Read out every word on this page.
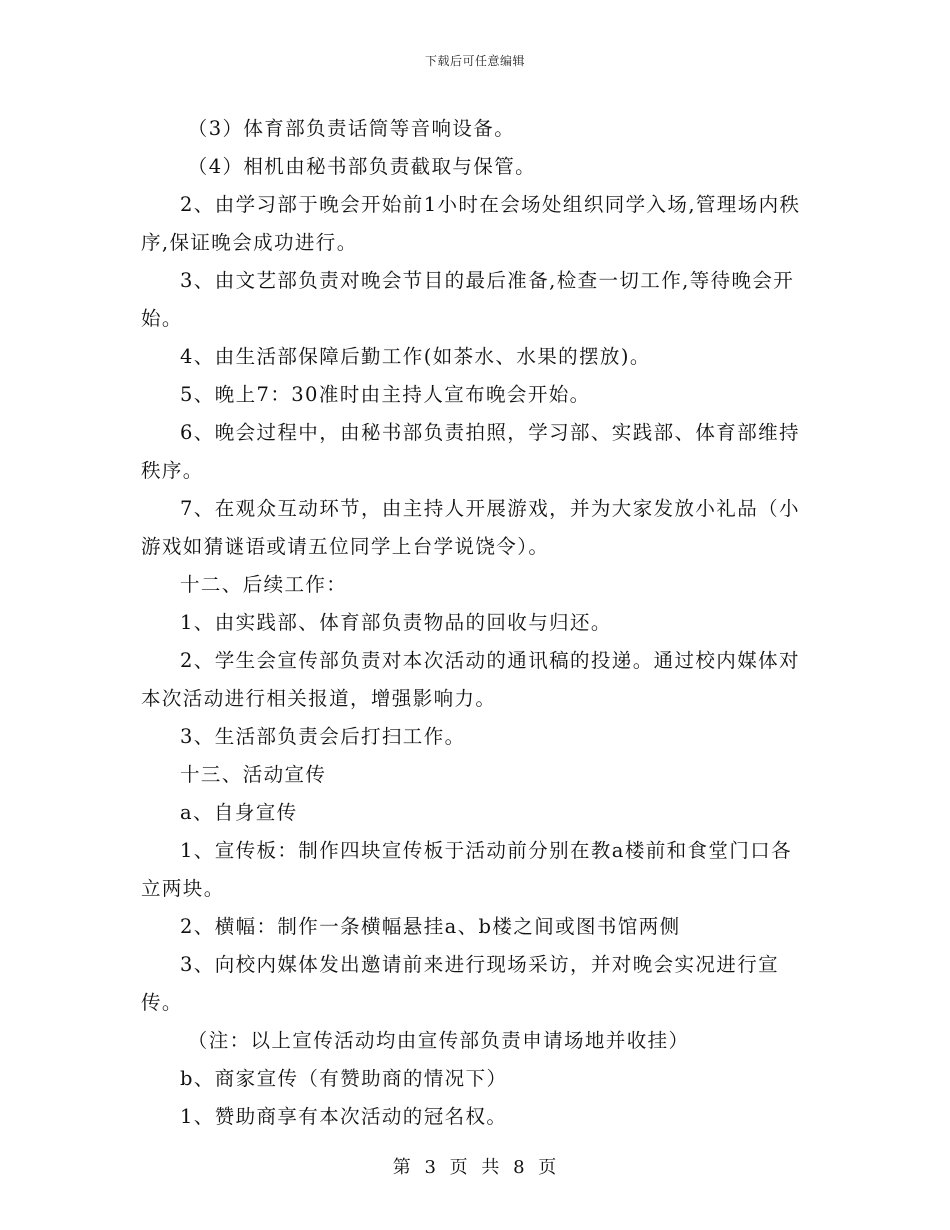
下载后可任意编辑

（3）体育部负责话筒等音响设备。

（4）相机由秘书部负责截取与保管。

2、由学习部于晚会开始前1小时在会场处组织同学入场,管理场内秩序,保证晚会成功进行。

3、由文艺部负责对晚会节目的最后准备,检查一切工作,等待晚会开始。

4、由生活部保障后勤工作(如茶水、水果的摆放)。

5、晚上7：30准时由主持人宣布晚会开始。

6、晚会过程中，由秘书部负责拍照，学习部、实践部、体育部维持秩序。

7、在观众互动环节，由主持人开展游戏，并为大家发放小礼品（小游戏如猜谜语或请五位同学上台学说饶令）。

十二、后续工作：

1、由实践部、体育部负责物品的回收与归还。

2、学生会宣传部负责对本次活动的通讯稿的投递。通过校内媒体对本次活动进行相关报道，增强影响力。

3、生活部负责会后打扫工作。

十三、活动宣传

a、自身宣传

1、宣传板：制作四块宣传板于活动前分别在教a楼前和食堂门口各立两块。

2、横幅：制作一条横幅悬挂a、b楼之间或图书馆两侧

3、向校内媒体发出邀请前来进行现场采访，并对晚会实况进行宣传。

（注：以上宣传活动均由宣传部负责申请场地并收挂）

b、商家宣传（有赞助商的情况下）

1、赞助商享有本次活动的冠名权。

第 3 页 共 8 页
